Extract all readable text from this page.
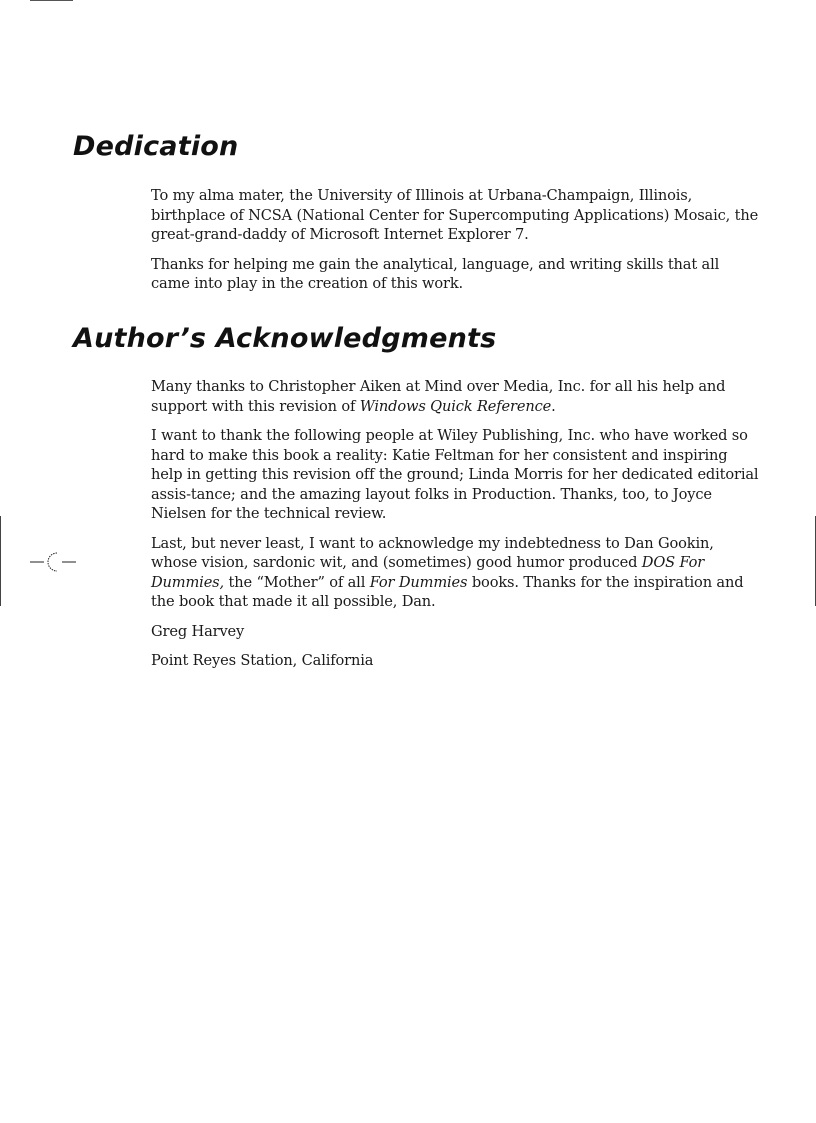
Dedication

To my alma mater, the University of Illinois at Urbana-Champaign, Illinois, birthplace of NCSA (National Center for Supercomputing Applications) Mosaic, the great-grand-daddy of Microsoft Internet Explorer 7.

Thanks for helping me gain the analytical, language, and writing skills that all came into play in the creation of this work.

Author’s Acknowledgments

Many thanks to Christopher Aiken at Mind over Media, Inc. for all his help and support with this revision of Windows Quick Reference.

I want to thank the following people at Wiley Publishing, Inc. who have worked so hard to make this book a reality: Katie Feltman for her consistent and inspiring help in getting this revision off the ground; Linda Morris for her dedicated editorial assis-tance; and the amazing layout folks in Production. Thanks, too, to Joyce Nielsen for the technical review.

Last, but never least, I want to acknowledge my indebtedness to Dan Gookin, whose vision, sardonic wit, and (sometimes) good humor produced DOS For Dummies, the “Mother” of all For Dummies books. Thanks for the inspiration and the book that made it all possible, Dan.

Greg Harvey

Point Reyes Station, California
